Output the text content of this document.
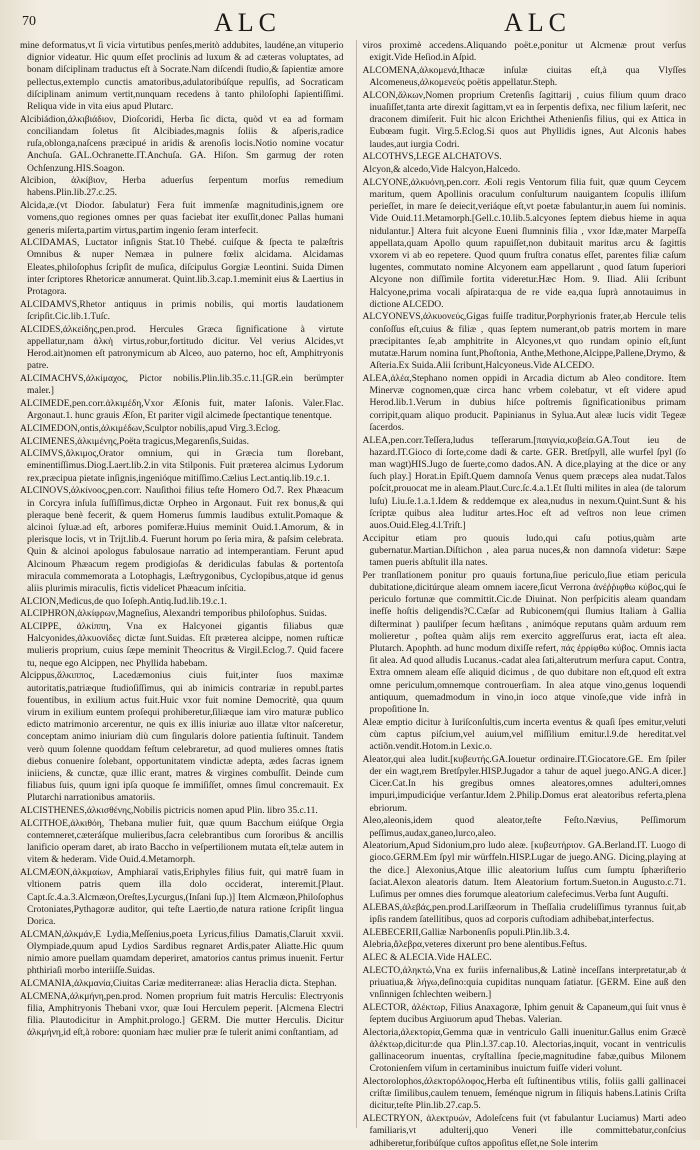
70	ALC	ALC

mine deformatus,vt ſi vicia virtutibus penſes,meritò addubites, laudéne,an vituperio dignior videatur. Hic quum eſſet proclinis ad luxum & ad cæteras voluptates, ad bonam diſciplinam traductus eſt à Socrate.Nam diſcendi ſtudio,& ſapientiæ amore pellectus,extemplo cunctis amatoribus,adulatoribúſque repulſis, ad Socraticam diſciplinam animum vertit,nunquam recedens à tanto philoſophi ſapientiſſimi. Reliqua vide in vita eius apud Plutarc.

Alcibiádion,ἀλκιβιάδιον, Dioſcoridi, Herba ſic dicta, quòd vt ea ad formam conciliandam ſoletus ſit Alcibiades,magnis ſoliis & aſperis,radice ruſa,oblonga,naſcens præcipué in aridis & arenoſis locis.Notio nomine vocatur Anchuſa. GAL.Ochranette.IT.Anchuſa. GA. Hiſon. Sm garmug der roten Ochſenzung.HIS.Soagon.

Alcibion, ἀλκίβιον, Herba aduerſus ſerpentum morſus remedium habens.Plin.lib.27.c.25.

Alcida,æ.(vt Diodor. ſabulatur) Fera fuit immenſæ magnitudinis,ignem ore vomens,quo regiones omnes per quas faciebat iter exuſſit,donec Pallas humani generis miſerta,partim virtus,partim ingenio ſeram interfecit.

ALCIDAMAS, Luctator inſignis Stat.10 Thebé. cuiſque & ſpecta te palæſtris Omnibus & nuper Nemæa in pulnere fœlix alcidama. Alcidamas Eleates,philoſophus ſcripſit de muſica, diſcipulus Gorgiæ Leontini. Suida Dimen inter ſcriptores Rhetoricæ annumerat. Quint.lib.3.cap.1.meminit eius & Laertius in Protagora.

ALCIDAMVS,Rhetor antiquus in primis nobilis, qui mortis laudationem ſcripſit.Cic.lib.1.Tuſc.

ALCIDES,ἀλκείδης,pen.prod. Hercules Græca ſignificatione à virtute appellatur,nam ἀλκὴ virtus,robur,fortitudo dicitur. Vel verius Alcides,vt Herod.ait)nomen eſt patronymicum ab Alceo, auo paterno, hoc eſt, Amphitryonis patre.

ALCIMACHVS,ἀλκίμαχος, Pictor nobilis.Plin.lib.35.c.11.[GR.ein berümpter maler.]

ALCIMEDE,pen.corr.ἀλκιμέδη,Vxor Æſonis fuit, mater Iaſonis. Valer.Flac. Argonaut.1. hunc grauis Æſon, Et pariter vigil alcimede ſpectantique tenentque.

ALCIMEDON,ontis,ἀλκιμέδων,Sculptor nobilis,apud Virg.3.Eclog.

ALCIMENES,ἀλκιμένης,Poëta tragicus,Megarenſis,Suidas.

ALCIMVS,ἄλκιμος,Orator omnium, qui in Græcia tum ſlorebant, eminentiſſimus.Diog.Laert.lib.2.in vita Stilponis. Fuit præterea alcimus Lydorum rex,præcipua pietate inſignis,ingenióque mitiſſimo.Cælius Lect.antiq.lib.19.c.1.

ALCINOVS,ἀλκίνοος,pen.corr. Nauſithoi filius teſte Homero Od.7. Rex Phæacum in Corcyra inſula ſuſſiſſimus,dictæ Orpheo in Argonaut. Fuit rex bonus,& qui pleraque benè fecerit, & quem Homerus ſummis laudibus extulit.Pomaque & alcinoi ſyluæ.ad eſt, arbores pomiferæ.Huius meminit Ouid.1.Amorum, & in plerisque locis, vt in Trijt.lib.4. Fuerunt horum po ſeria mira, & paſsim celebrata. Quin & alcinoi apologus fabulosaue narratio ad intemperantiam. Ferunt apud Alcinoum Phæacum regem prodigioſas & deridiculas fabulas & portentoſa miracula commemorata a Lotophagis, Læſtrygonibus, Cyclopibus,atque id genus aliis plurimis miraculis, fictis videlicet Phæacum inſcitia.

ALCION,Medicus,de quo Ioſeph.Antiq.Iud.lib.19.c.1.

ALCIPHRON,ἀλκίφρων,Magneſius, Alexandri temporibus philoſophus. Suidas.

ALCIPPE, ἀλκίππη, Vna ex Halcyonei gigantis filiabus quæ Halcyonides,ἀλκυονίδες dictæ ſunt.Suidas. Eſt præterea alcippe, nomen ruſticæ mulieris proprium, cuius ſæpe meminit Theocritus & Virgil.Eclog.7. Quid facere tu, neque ego Alcippen, nec Phyllida habebam.

Alcippus,ἄλκιππος, Lacedæmonius ciuis fuit,inter ſuos maximæ autoritatis,patriæque ſtudioſiſſimus, qui ab inimicis contrariæ in republ.partes fouentibus, in exilium actus fuit.Huic vxor fuit nomine Democritè, qua quum virum in exilium euntem proſequi prohiberetur,ſiliæque iam viro maturæ publico edicto matrimonio arcerentur, ne quis ex illis iniuriæ auo illatæ vltor naſceretur, conceptam animo iniuriam diù cum ſingularis dolore patientia ſuſtinuit. Tandem verò quum ſolenne quoddam feſtum celebraretur, ad quod mulieres omnes ſtatis diebus conuenire ſolebant, opportunitatem vindictæ adepta, ædes ſacras ignem iniiciens, & cunctæ, quæ illic erant, matres & virgines combuſſit. Deinde cum filiabus ſuis, quum igni ipſa quoque ſe immiſiſſet, omnes ſimul concremauit. Ex Plutarchi narrationibus amatoriis.

ALCISTHENES,ἀλκισθένης,Nobilis pictricis nomen apud Plin. libro 35.c.11.

ALCITHOE,ἀλκιθόη, Thebana mulier fuit, quæ quum Bacchum eiúſque Orgia contemneret,cæteráſque mulieribus,ſacra celebrantibus cum ſororibus & ancillis lanificio operam daret, ab irato Baccho in veſpertilionem mutata eſt,telæ autem in vitem & hederam. Vide Ouid.4.Metamorph.

ALCMÆON,ἀλκμαίων, Amphiaraï vatis,Eriphyles filius fuit, qui matrē ſuam in vltionem patris quem illa dolo occiderat, interemit.[Plaut. Capt.ſc.4.a.3.Alcmæon,Oreſtes,Lycurgus,(Inſani ſup.)] Item Alcmæon,Philoſophus Crotoniates,Pythagoræ auditor, qui teſte Laertio,de natura ratione ſcripſit lingua Dorica.

ALCMAN,ἀλκμάν,E Lydia,Meſſenius,poeta Lyricus,filius Damatis,Claruit xxvii. Olympiade,quum apud Lydios Sardibus regnaret Ardis,pater Aliatte.Hic quum nimio amore puellam quamdam deperiret, amatorios cantus primus inuenit. Fertur phthiriaſi morbo interiiſſe.Suidas.

ALCMANIA,ἀλκμανία,Ciuitas Cariæ mediterraneæ: alias Heraclia dicta. Stephan.

ALCMENA,ἀλκμήνη,pen.prod. Nomen proprium fuit matris Herculis: Electryonis filia, Amphitryonis Thebani vxor, quæ Ioui Herculem peperit. [Alcmena Electri filia. Plautodicitur in Amphit.prologo.] GERM. Die mutter Herculis. Dicitur ἀλκμήνη,id eſt,à robore: quoniam hæc mulier præ ſe tulerit animi conſtantiam, ad

viros proximè accedens.Aliquando poët.e,ponitur ut Alcmenæ prout verſus exigit.Vide Heſiod.in Aſpid.

ALCOMENA,ἀλκομενά,Ithacæ inſulæ ciuitas eſt,à qua Vlyſſes Alcomeneus,ἀλκομενεύς poëtis appellatur.Steph.

ALCON,ἄλκων,Nomen proprium Cretenſis ſagittarij , cuius filium quum draco inuaſiſſet,tanta arte direxit ſagittam,vt ea in ſerpentis defixa, nec filium læſerit, nec draconem dimiſerit. Fuit hic alcon Erichthei Athenienſis filius, qui ex Attica in Eubœam fugit. Virg.5.Eclog.Si quos aut Phyllidis ignes, Aut Alconis habes laudes,aut iurgia Codri.

ALCOTHVS,LEGE ALCHATOVS.

Alcyon,& alcedo,Vide Halcyon,Halcedo.

ALCYONE,ἀλκυόνη,pen.corr. Æoli regis Ventorum filia fuit, quæ quum Ceycem maritum, quem Apollinis oraculum conſulturum nauigantem ſcopulis illiſum perieſſet, in mare ſe deiecit,veriáque eſt,vt poetæ fabulantur,in auem ſui nominis. Vide Ouid.11.Metamorph.[Gell.c.10.lib.5.alcyones ſeptem diebus hieme in aqua nidulantur.] Altera fuit alcyone Eueni ſlumninis filia , vxor Idæ,mater Marpeſſa appellata,quam Apollo quum rapuiſſet,non dubitauit maritus arcu & ſagittis vxorem vi ab eo repetere. Quod quum fruſtra conatus eſſet, parentes filiæ caſum lugentes, commutato nomine Alcyonem eam appellarunt , quod ſatum ſuperiori Alcyone non diſſimile fortita videretur.Hæc Hom. 9. Iliad. Alii ſcribunt Halcyone,prima vocali aſpirata:qua de re vide ea,qua ſuprà annotauimus in dictione ALCEDO.

ALCYONEVS,ἀλκυονεύς,Gigas fuiſſe traditur,Porphyrionis frater,ab Hercule telis conſoſſus eſt,cuius & filiæ , quas ſeptem numerant,ob patris mortem in mare præcipitantes ſe,ab amphitrite in Alcyones,vt quo rundam opinio eſt,ſunt mutatæ.Harum nomina ſunt,Phoſtonia, Anthe,Methone,Alcippe,Pallene,Drymo, & Aſteria.Ex Suida.Alii ſcribunt,Halcyoneus.Vide ALCEDO.

ALEA,ἀλέα,Stephano nomen oppidi in Arcadia dictum ab Aleo conditore. Item Minervæ cognomen,quæ circa hanc vrbem colebatur, vt eſt videre apud Herod.lib.1.Verum in dubius hiſce poſtremis ſignificationibus primam corripit,quam aliquo producit. Papinianus in Sylua.Aut aleæ lucis vidit Tegeæ ſacerdos.

ALEA,pen.corr.Teſſera,ludus teſſerarum.[παιγνία,κυβεία.GA.Tout ieu de hazard.IT.Gioco di ſorte,come dadi & carte. GER. Bretſpyll, alle wurfel ſpyl (ſo man wagt)HIS.Jugo de ſuerte,como dados.AN. A dice,playing at the dice or any ſuch play.] Horat.in Epiſt.Quem damnoſa Venus quem præceps alea nudat.Talos poſcit,prouocat me in aleam.Plaut.Curc.ſc.4.a.1.Et ſlulti milites in alea (de talorum luſu) Liu.ſe.1.a.1.Idem & reddemque ex alea,nudus in nexum.Quint.Sunt & his ſcriptæ quibus alea luditur artes.Hoc eſt ad veſtros non leue crimen auos.Ouid.Eleg.4.l.Triſt.]

Accipitur etiam pro quouis ludo,qui caſu potius,quàm arte gubernatur.Martian.Diſtichon , alea parua nuces,& non damnoſa videtur: Sæpe tamen pueris abſtulit illa nates.

Per tranſlationem ponitur pro quauis fortuna,ſiue periculo,ſiue etiam pericula dubitatione,dicitúrque aleam omnem iacere,ſicut Verrona ἀνέῤῥιφθω κύβος,qui ſe periculo fortunæ que committit.Cic.de Diuinat. Non perſpicitis aleam quandam inefſe hoſtis deligendis?C.Cæſar ad Rubiconem(qui ſlumius Italiam à Gallia diſterminat ) pauliſper ſecum hæſitans , animóque reputans quàm arduum rem molieretur , poſtea quàm alijs rem exercito aggreſſurus erat, iacta eſt alea. Plutarch. Apophth. ad hunc modum dixiſſe refert, πάς ἐρρίφθω κύβος. Omnis iacta ſit alea. Ad quod alludis Lucanus.-cadat alea ſati,alterutrum merſura caput. Contra, Extra omnem aleam eſſe aliquid dicimus , de quo dubitare non eſt,quod eſt extra omne periculum,omnemque controuerſiam. In alea atque vino,genus loquendi antiquum, quemadmodum in vino,in ioco atque vinoſe,que vide infrà in propoſitione In.

Aleæ emptio dicitur à Iuriſconſultis,cum incerta eventus & quaſi ſpes emitur,veluti cùm captus piſcium,vel auium,vel miſſilium emitur.l.9.de hereditat.vel actiõn.vendit.Hotom.in Lexic.o.

Aleator,qui alea ludit.[κυβευτής.GA.Iouetur ordinaire.IT.Giocatore.GE. Em ſpiler der ein wagt,rem Bretſpyler.HISP.Jugador a tahur de aquel juego.ANG.A dicer.] Cicer.Cat.In his gregibus omnes aleatores,omnes adulteri,omnes impuri,impudiciq́ue verſantur.Idem 2.Philip.Domus erat aleatoribus referta,plena ebriorum.

Aleo,aleonis,idem quod aleator,teſte Feſto.Nævius, Peſſimorum peſſimus,audax,ganeo,lurco,aleo.

Aleatorium,Apud Sidonium,pro ludo aleæ. [κυβευτήριον. GA.Berland.IT. Luogo di gioco.GERM.Em ſpyl mir würffeln.HISP.Lugar de juego.ANG. Dicing,playing at the dice.] Alexonius,Atque illic aleatorium luſſus cum ſumptu ſphæriſterio ſaciat.Alexon aleatoris datum. Item Aleatorium fortum.Sueton.in Augusto.c.71. Luſimus per omnes dies forumque aleatorium calefecimus.Verba ſunt Auguſti.

ALEBAS,ἀλεβάς,pen.prod.Lariſſæorum in Theſſalia crudeliſſimus tyrannus ſuit,ab ipſis randem ſatellitibus, quos ad corporis cuſtodiam adhibebat,interfectus.

ALEBECERII,Galliæ Narbonenſis populi.Plin.lib.3.4.

Alebria,ἄλεβρα,veteres dixerunt pro bene alentibus.Feſtus.

ALEC & ALECIA.Vide HALEC.

ALECTO,ἀληκτώ,Vna ex furiis infernalibus,& Latinè inceſſans interpretatur,ab ἀ priuatiua,& λήγω,deſino:quia cupiditas nunquam ſatiatur. [GERM. Eine auß den vnſinnigen ſchlechten weibern.]

ALECTOR, ἀλέκτωρ, Filius Anaxagoræ, Iphim genuit & Capaneum,qui ſuit vnus è ſeptem ducibus Argiuorum apud Thebas. Valerian.

Alectoria,ἀλεκτορία,Gemma quæ in ventriculo Galli inuenitur.Gallus enim Græcè ἀλέκτωρ,dicitur:de qua Plin.l.37.cap.10. Alectorias,inquit, vocant in ventriculis gallinaceorum inuentas, cryſtallina ſpecie,magnitudine fabæ,quibus Milonem Crotonienſem viſum in certaminibus inuictum fuiſſe videri volunt.

Alectorolophos,ἀλεκτορόλοφος,Herba eſt ſuſtinentibus vtilis, foliis galli gallinacei criſtæ ſimilibus,caulem tenuem, ſeménque nigrum in ſiliquis habens.Latinis Criſta dicitur,teſte Plin.lib.27.cap.5.

ALECTRYON, ἀλεκτρυών, Adoleſcens fuit (vt fabulantur Luciamus) Marti adeo familiaris,vt adulterij,quo Veneri ille committebatur,conſcius adhiberetur,foribúſque cuſtos appoſitus eſſet,ne Sole interim
